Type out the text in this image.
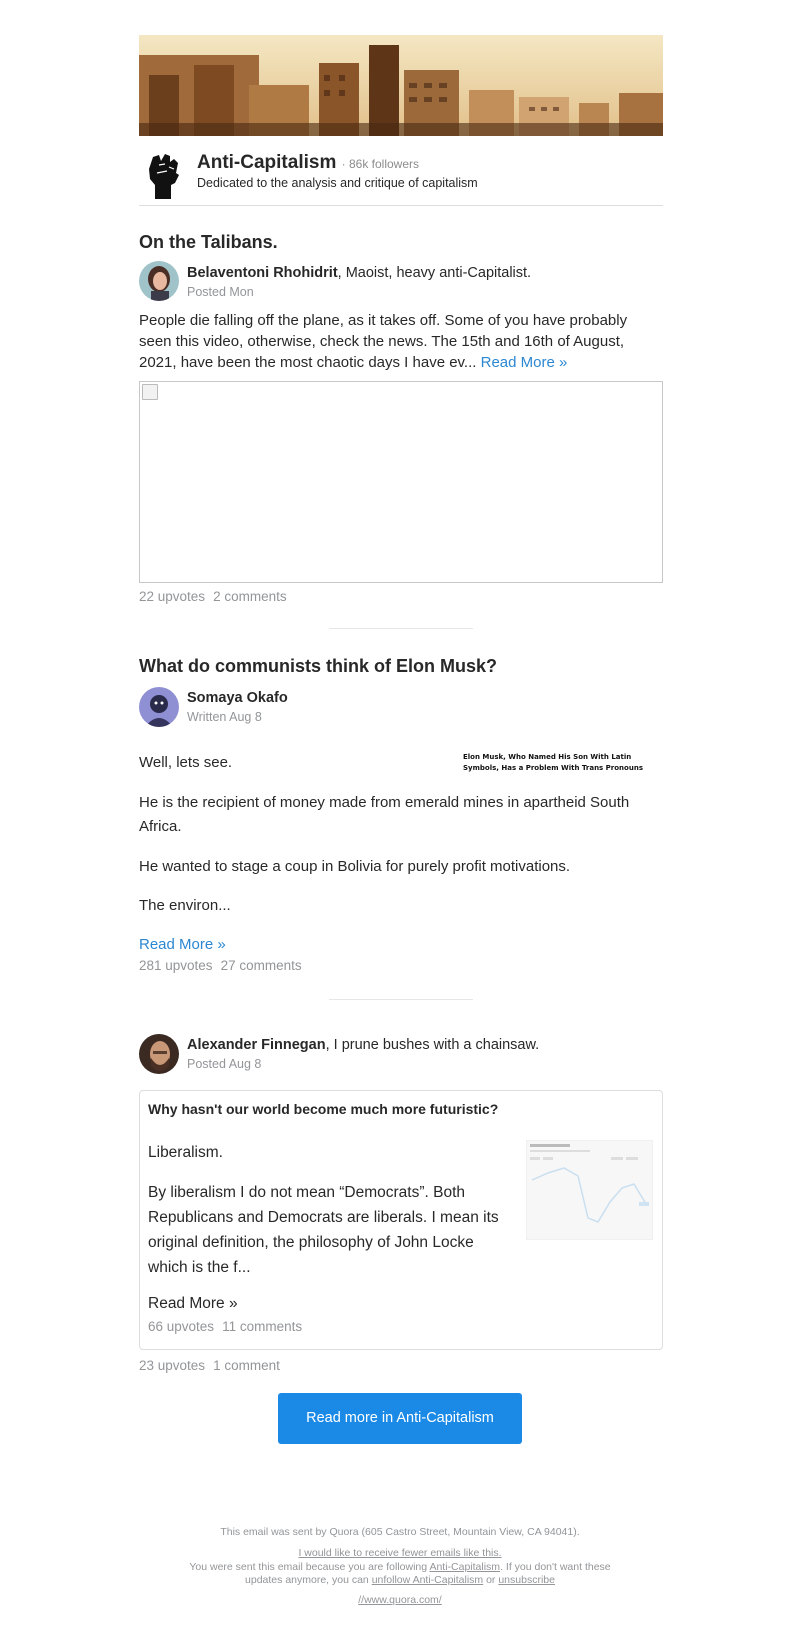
Anti-Capitalism · 86k followers
Dedicated to the analysis and critique of capitalism
On the Talibans.
Belaventoni Rhohidrit, Maoist, heavy anti-Capitalist.
Posted Mon
People die falling off the plane, as it takes off. Some of you have probably seen this video, otherwise, check the news. The 15th and 16th of August, 2021, have been the most chaotic days I have ev... Read More »
22 upvotes 2 comments
What do communists think of Elon Musk?
Somaya Okafo
Written Aug 8
Well, lets see.	Elon Musk, Who Named His Son With Latin Symbols, Has a Problem With Trans Pronouns
He is the recipient of money made from emerald mines in apartheid South Africa.
He wanted to stage a coup in Bolivia for purely profit motivations.
The environ...
Read More »
281 upvotes 27 comments
Alexander Finnegan, I prune bushes with a chainsaw.
Posted Aug 8
Why hasn't our world become much more futuristic?
Liberalism.
By liberalism I do not mean “Democrats”. Both Republicans and Democrats are liberals. I mean its original definition, the philosophy of John Locke which is the f...
Read More »
66 upvotes 11 comments
23 upvotes 1 comment
Read more in Anti-Capitalism
This email was sent by Quora (605 Castro Street, Mountain View, CA 94041).
I would like to receive fewer emails like this.
You were sent this email because you are following Anti-Capitalism. If you don't want these updates anymore, you can unfollow Anti-Capitalism or unsubscribe
//www.quora.com/
